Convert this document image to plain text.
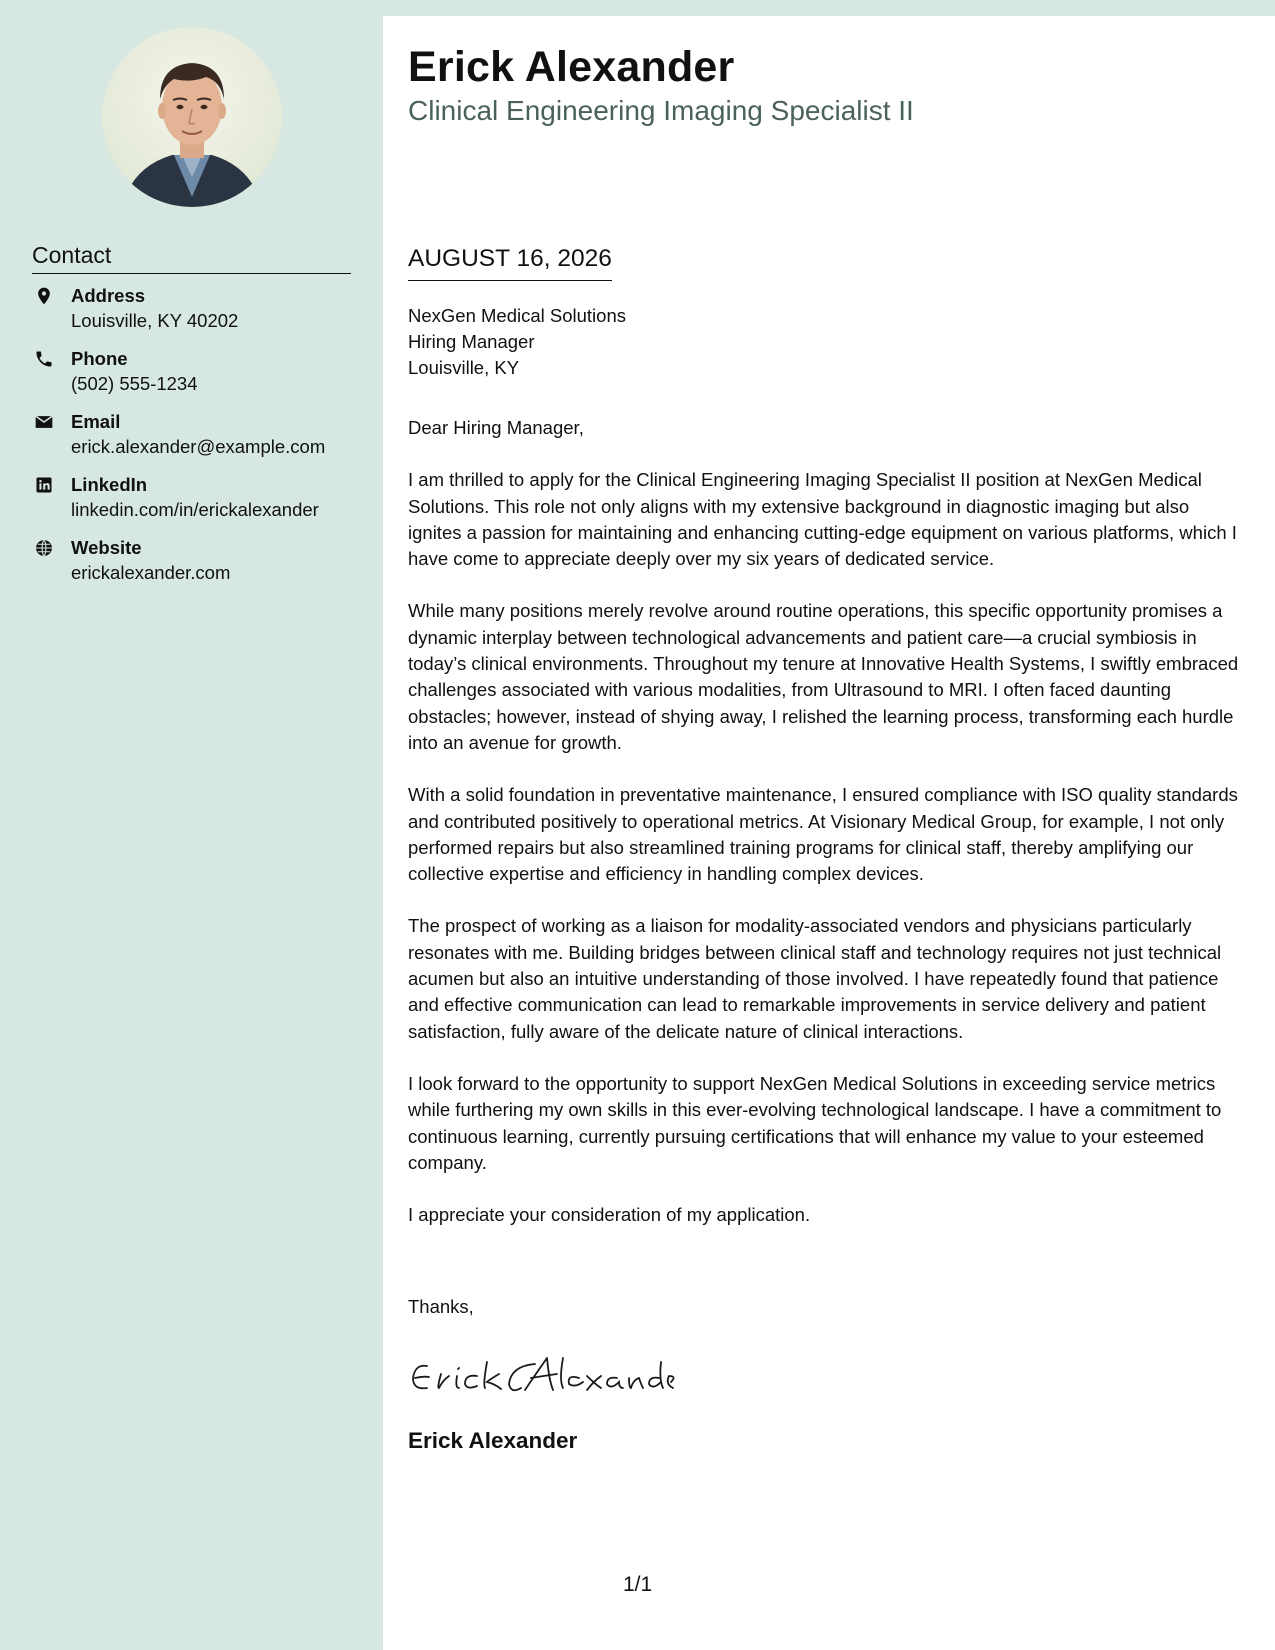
Contact
Address
Louisville, KY 40202
Phone
(502) 555-1234
Email
erick.alexander@example.com
LinkedIn
linkedin.com/in/erickalexander
Website
erickalexander.com
Erick Alexander
Clinical Engineering Imaging Specialist II
AUGUST 16, 2026
NexGen Medical Solutions
Hiring Manager
Louisville, KY

Dear Hiring Manager,

I am thrilled to apply for the Clinical Engineering Imaging Specialist II position at NexGen Medical Solutions. This role not only aligns with my extensive background in diagnostic imaging but also ignites a passion for maintaining and enhancing cutting-edge equipment on various platforms, which I have come to appreciate deeply over my six years of dedicated service.

While many positions merely revolve around routine operations, this specific opportunity promises a dynamic interplay between technological advancements and patient care—a crucial symbiosis in today’s clinical environments. Throughout my tenure at Innovative Health Systems, I swiftly embraced challenges associated with various modalities, from Ultrasound to MRI. I often faced daunting obstacles; however, instead of shying away, I relished the learning process, transforming each hurdle into an avenue for growth.

With a solid foundation in preventative maintenance, I ensured compliance with ISO quality standards and contributed positively to operational metrics. At Visionary Medical Group, for example, I not only performed repairs but also streamlined training programs for clinical staff, thereby amplifying our collective expertise and efficiency in handling complex devices.

The prospect of working as a liaison for modality-associated vendors and physicians particularly resonates with me. Building bridges between clinical staff and technology requires not just technical acumen but also an intuitive understanding of those involved. I have repeatedly found that patience and effective communication can lead to remarkable improvements in service delivery and patient satisfaction, fully aware of the delicate nature of clinical interactions.

I look forward to the opportunity to support NexGen Medical Solutions in exceeding service metrics while furthering my own skills in this ever-evolving technological landscape. I have a commitment to continuous learning, currently pursuing certifications that will enhance my value to your esteemed company.

I appreciate your consideration of my application.

Thanks,
Erick Alexander
1/1
